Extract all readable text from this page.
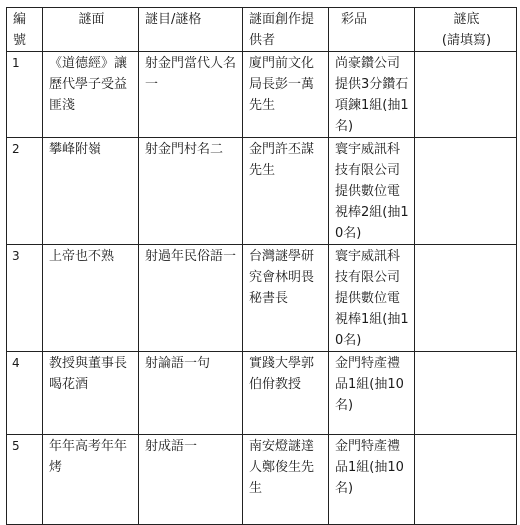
編號	謎面	謎目/謎格	謎面創作提供者	彩品	謎底
(請填寫)
1	《道德經》讓歷代學子受益匪淺	射金門當代人名一	廈門前文化局長彭一萬先生	尚豪鑽公司提供3分鑽石項鍊1組(抽1名)	
2	攀峰附嶺	射金門村名二	金門許丕謀先生	寰宇威訊科技有限公司提供數位電視棒2組(抽10名)	
3	上帝也不熟	射過年民俗語一	台灣謎學研究會林明畏秘書長	寰宇威訊科技有限公司提供數位電視棒1組(抽10名)	
4	教授與董事長喝花酒	射論語一句	實踐大學郭伯佾教授	金門特產禮品1組(抽10名)	
5	年年高考年年烤	射成語一	南安燈謎達人鄭俊生先生	金門特產禮品1組(抽10名)	
